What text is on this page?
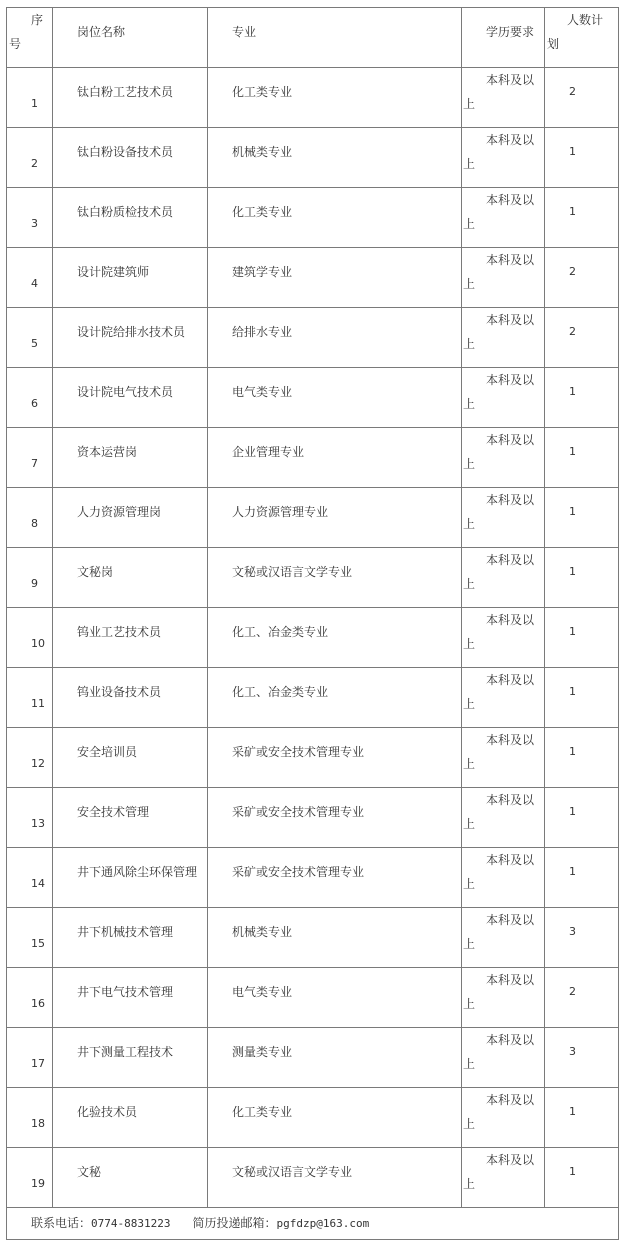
序
号	岗位名称	专业	学历要求	人数计
划

1	钛白粉工艺技术员	化工类专业	本科及以
上	2

2	钛白粉设备技术员	机械类专业	本科及以
上	1

3	钛白粉质检技术员	化工类专业	本科及以
上	1

4	设计院建筑师	建筑学专业	本科及以
上	2

5	设计院给排水技术员	给排水专业	本科及以
上	2

6	设计院电气技术员	电气类专业	本科及以
上	1

7	资本运营岗	企业管理专业	本科及以
上	1

8	人力资源管理岗	人力资源管理专业	本科及以
上	1

9	文秘岗	文秘或汉语言文学专业	本科及以
上	1

10	钨业工艺技术员	化工、冶金类专业	本科及以
上	1

11	钨业设备技术员	化工、冶金类专业	本科及以
上	1

12	安全培训员	采矿或安全技术管理专业	本科及以
上	1

13	安全技术管理	采矿或安全技术管理专业	本科及以
上	1

14	井下通风除尘环保管理	采矿或安全技术管理专业	本科及以
上	1

15	井下机械技术管理	机械类专业	本科及以
上	3

16	井下电气技术管理	电气类专业	本科及以
上	2

17	井下测量工程技术	测量类专业	本科及以
上	3

18	化验技术员	化工类专业	本科及以
上	1

19	文秘	文秘或汉语言文学专业	本科及以
上	1

联系电话：0774-8831223 简历投递邮箱：pgfdzp@163.com				
